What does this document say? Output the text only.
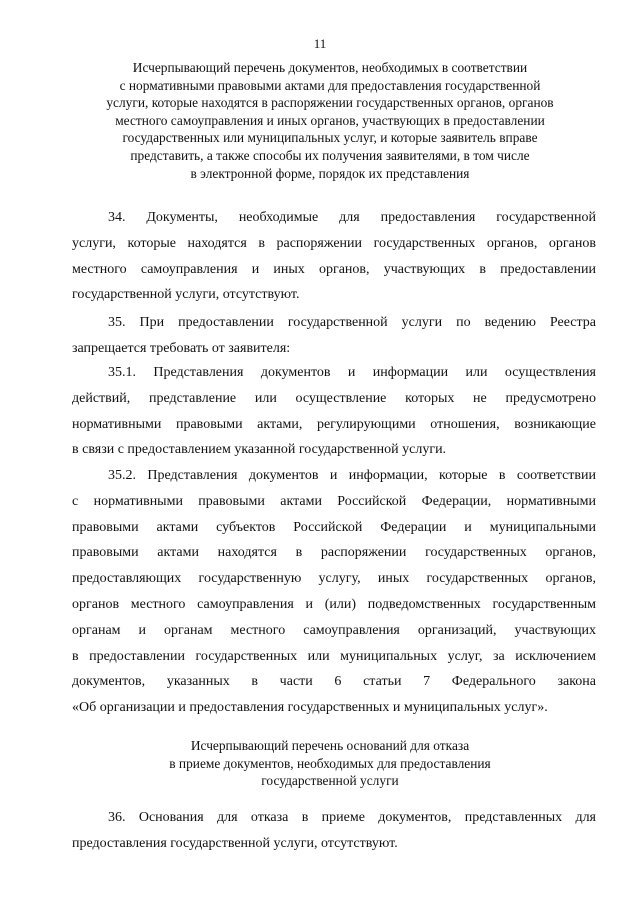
11
Исчерпывающий перечень документов, необходимых в соответствии
с нормативными правовыми актами для предоставления государственной
услуги, которые находятся в распоряжении государственных органов, органов
местного самоуправления и иных органов, участвующих в предоставлении
государственных или муниципальных услуг, и которые заявитель вправе
представить, а также способы их получения заявителями, в том числе
в электронной форме, порядок их представления
34. Документы, необходимые для предоставления государственной
услуги, которые находятся в распоряжении государственных органов, органов
местного самоуправления и иных органов, участвующих в предоставлении
государственной услуги, отсутствуют.
35. При предоставлении государственной услуги по ведению Реестра
запрещается требовать от заявителя:
35.1. Представления документов и информации или осуществления
действий, представление или осуществление которых не предусмотрено
нормативными правовыми актами, регулирующими отношения, возникающие
в связи с предоставлением указанной государственной услуги.
35.2. Представления документов и информации, которые в соответствии
с нормативными правовыми актами Российской Федерации, нормативными
правовыми актами субъектов Российской Федерации и муниципальными
правовыми актами находятся в распоряжении государственных органов,
предоставляющих государственную услугу, иных государственных органов,
органов местного самоуправления и (или) подведомственных государственным
органам и органам местного самоуправления организаций, участвующих
в предоставлении государственных или муниципальных услуг, за исключением
документов, указанных в части 6 статьи 7 Федерального закона
«Об организации и предоставления государственных и муниципальных услуг».
Исчерпывающий перечень оснований для отказа
в приеме документов, необходимых для предоставления
государственной услуги
36. Основания для отказа в приеме документов, представленных для
предоставления государственной услуги, отсутствуют.
